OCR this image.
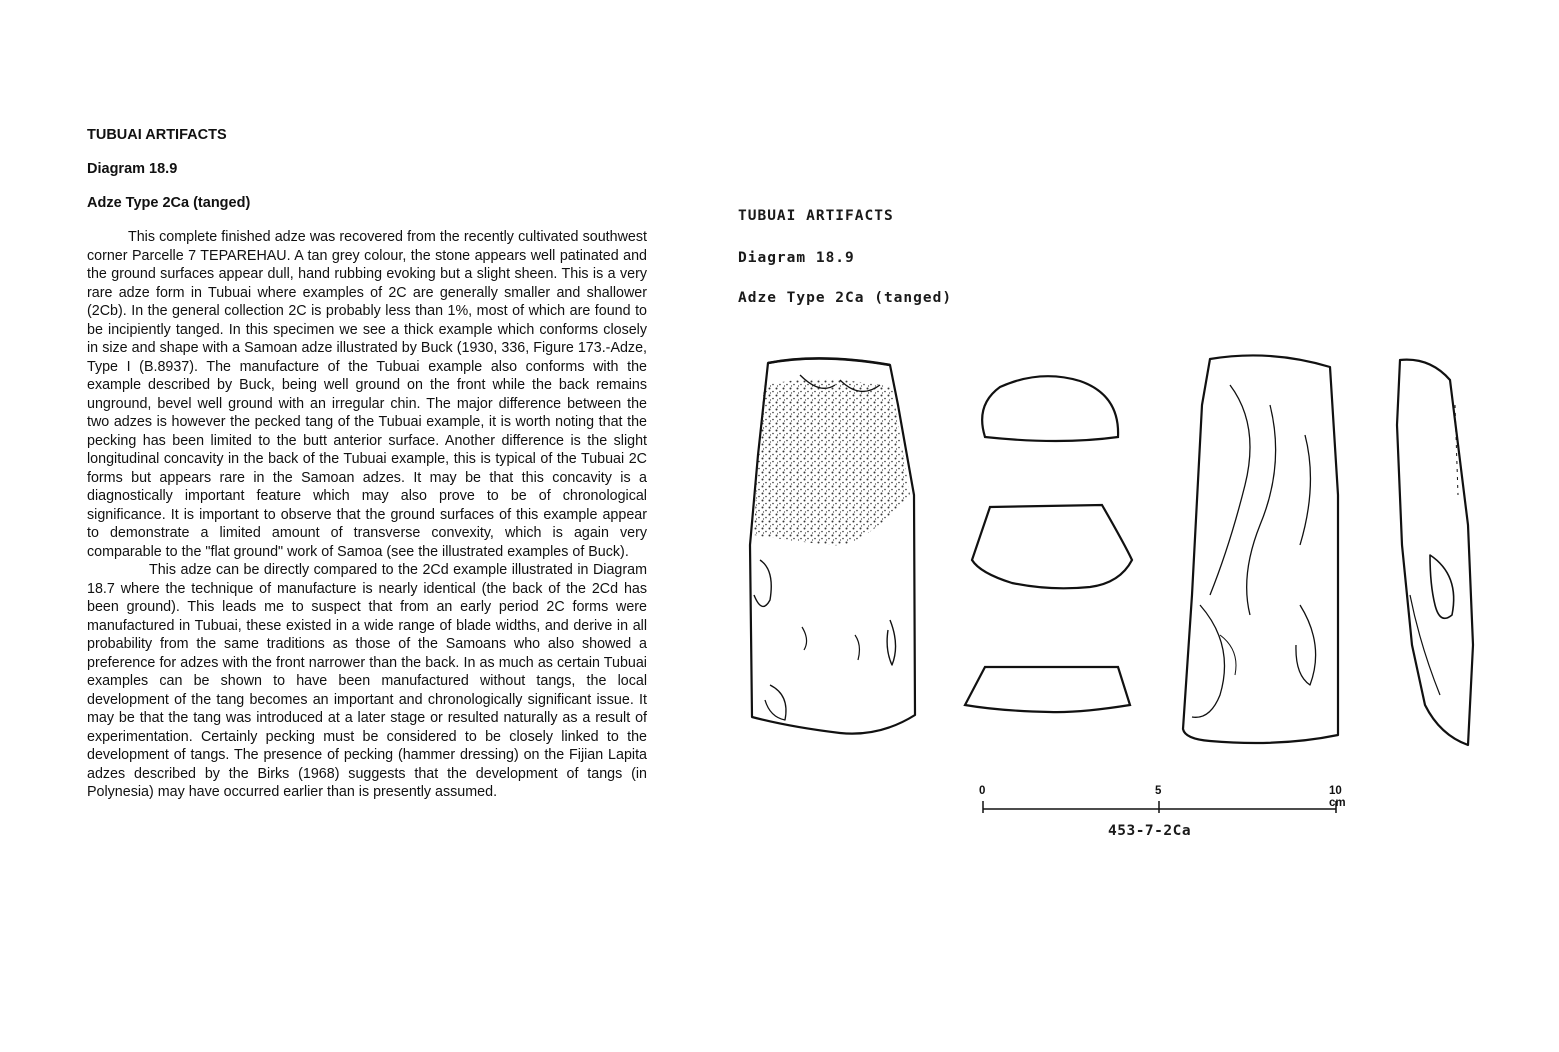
TUBUAI ARTIFACTS

Diagram 18.9

Adze Type 2Ca (tanged)

This complete finished adze was recovered from the recently cultivated southwest corner Parcelle 7 TEPAREHAU. A tan grey colour, the stone appears well patinated and the ground surfaces appear dull, hand rubbing evoking but a slight sheen. This is a very rare adze form in Tubuai where examples of 2C are generally smaller and shallower (2Cb). In the general collection 2C is probably less than 1%, most of which are found to be incipiently tanged. In this specimen we see a thick example which conforms closely in size and shape with a Samoan adze illustrated by Buck (1930, 336, Figure 173.-Adze, Type I (B.8937). The manufacture of the Tubuai example also conforms with the example described by Buck, being well ground on the front while the back remains unground, bevel well ground with an irregular chin. The major difference between the two adzes is however the pecked tang of the Tubuai example, it is worth noting that the pecking has been limited to the butt anterior surface. Another difference is the slight longitudinal concavity in the back of the Tubuai example, this is typical of the Tubuai 2C forms but appears rare in the Samoan adzes. It may be that this concavity is a diagnostically important feature which may also prove to be of chronological significance. It is important to observe that the ground surfaces of this example appear to demonstrate a limited amount of transverse convexity, which is again very comparable to the "flat ground" work of Samoa (see the illustrated examples of Buck).

This adze can be directly compared to the 2Cd example illustrated in Diagram 18.7 where the technique of manufacture is nearly identical (the back of the 2Cd has been ground). This leads me to suspect that from an early period 2C forms were manufactured in Tubuai, these existed in a wide range of blade widths, and derive in all probability from the same traditions as those of the Samoans who also showed a preference for adzes with the front narrower than the back. In as much as certain Tubuai examples can be shown to have been manufactured without tangs, the local development of the tang becomes an important and chronologically significant issue. It may be that the tang was introduced at a later stage or resulted naturally as a result of experimentation. Certainly pecking must be considered to be closely linked to the development of tangs. The presence of pecking (hammer dressing) on the Fijian Lapita adzes described by the Birks (1968) suggests that the development of tangs (in Polynesia) may have occurred earlier than is presently assumed.

TUBUAI ARTIFACTS

Diagram 18.9

Adze Type 2Ca (tanged)

0	5	10 cm
453-7-2Ca
